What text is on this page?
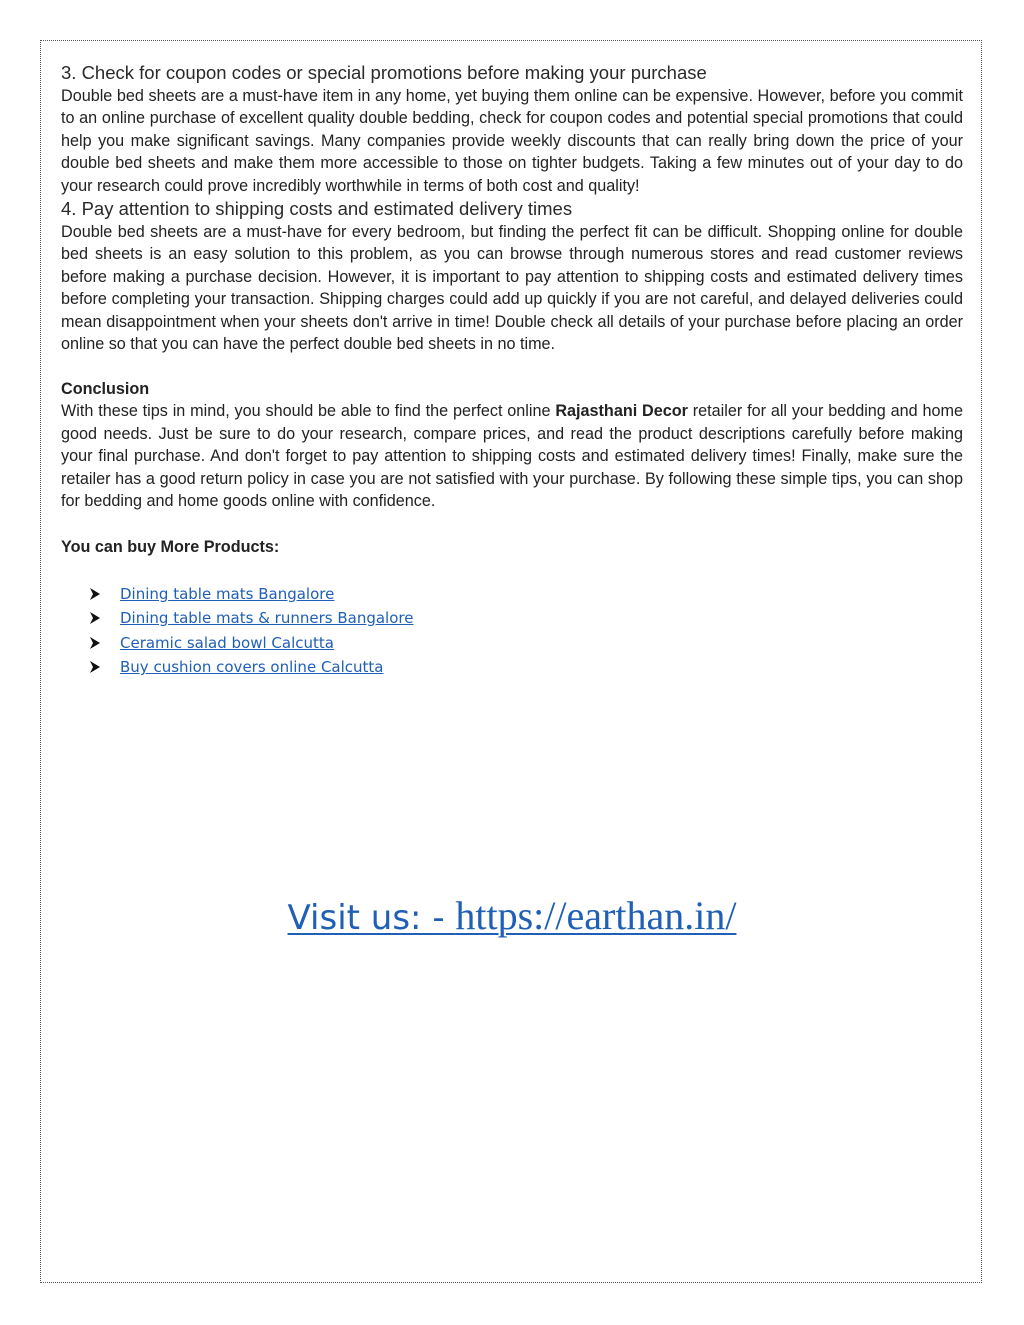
3. Check for coupon codes or special promotions before making your purchase

Double bed sheets are a must-have item in any home, yet buying them online can be expensive. However, before you commit to an online purchase of excellent quality double bedding, check for coupon codes and potential special promotions that could help you make significant savings. Many companies provide weekly discounts that can really bring down the price of your double bed sheets and make them more accessible to those on tighter budgets. Taking a few minutes out of your day to do your research could prove incredibly worthwhile in terms of both cost and quality!

4. Pay attention to shipping costs and estimated delivery times

Double bed sheets are a must-have for every bedroom, but finding the perfect fit can be difficult. Shopping online for double bed sheets is an easy solution to this problem, as you can browse through numerous stores and read customer reviews before making a purchase decision. However, it is important to pay attention to shipping costs and estimated delivery times before completing your transaction. Shipping charges could add up quickly if you are not careful, and delayed deliveries could mean disappointment when your sheets don't arrive in time! Double check all details of your purchase before placing an order online so that you can have the perfect double bed sheets in no time.

Conclusion

With these tips in mind, you should be able to find the perfect online Rajasthani Decor retailer for all your bedding and home good needs. Just be sure to do your research, compare prices, and read the product descriptions carefully before making your final purchase. And don't forget to pay attention to shipping costs and estimated delivery times! Finally, make sure the retailer has a good return policy in case you are not satisfied with your purchase. By following these simple tips, you can shop for bedding and home goods online with confidence.

You can buy More Products:
Dining table mats Bangalore
Dining table mats & runners Bangalore
Ceramic salad bowl Calcutta
Buy cushion covers online Calcutta
Visit us: - https://earthan.in/
